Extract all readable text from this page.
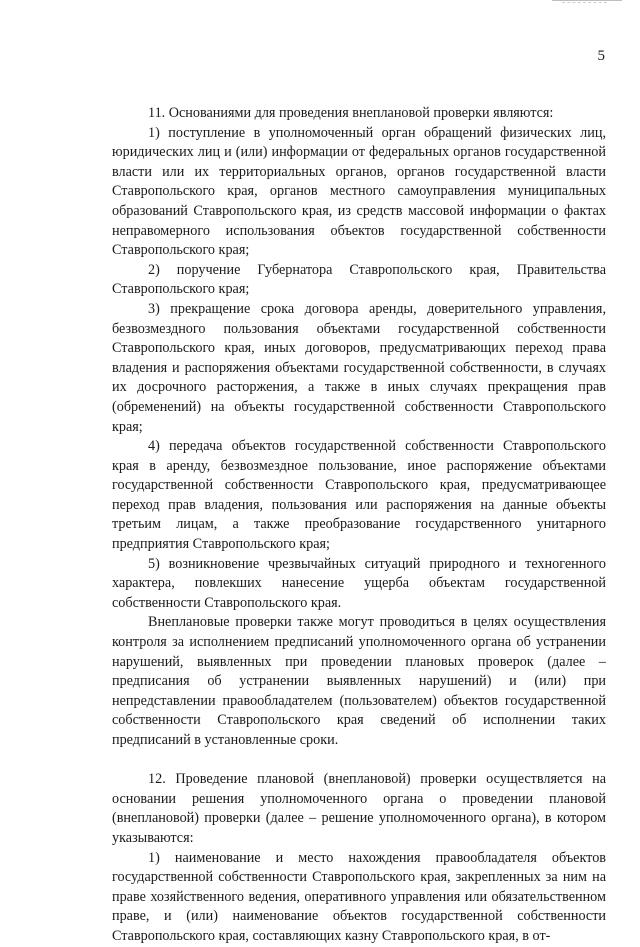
5

11. Основаниями для проведения внеплановой проверки являются:

1) поступление в уполномоченный орган обращений физических лиц, юридических лиц и (или) информации от федеральных органов государственной власти или их территориальных органов, органов государственной власти Ставропольского края, органов местного самоуправления муниципальных образований Ставропольского края, из средств массовой информации о фактах неправомерного использования объектов государственной собственности Ставропольского края;

2) поручение Губернатора Ставропольского края, Правительства Ставропольского края;

3) прекращение срока договора аренды, доверительного управления, безвозмездного пользования объектами государственной собственности Ставропольского края, иных договоров, предусматривающих переход права владения и распоряжения объектами государственной собственности, в случаях их досрочного расторжения, а также в иных случаях прекращения прав (обременений) на объекты государственной собственности Ставропольского края;

4) передача объектов государственной собственности Ставропольского края в аренду, безвозмездное пользование, иное распоряжение объектами государственной собственности Ставропольского края, предусматривающее переход прав владения, пользования или распоряжения на данные объекты третьим лицам, а также преобразование государственного унитарного предприятия Ставропольского края;

5) возникновение чрезвычайных ситуаций природного и техногенного характера, повлекших нанесение ущерба объектам государственной собственности Ставропольского края.

Внеплановые проверки также могут проводиться в целях осуществления контроля за исполнением предписаний уполномоченного органа об устранении нарушений, выявленных при проведении плановых проверок (далее – предписания об устранении выявленных нарушений) и (или) при непредставлении правообладателем (пользователем) объектов государственной собственности Ставропольского края сведений об исполнении таких предписаний в установленные сроки.

12. Проведение плановой (внеплановой) проверки осуществляется на основании решения уполномоченного органа о проведении плановой (внеплановой) проверки (далее – решение уполномоченного органа), в котором указываются:

1) наименование и место нахождения правообладателя объектов государственной собственности Ставропольского края, закрепленных за ним на праве хозяйственного ведения, оперативного управления или обязательственном праве, и (или) наименование объектов государственной собственности Ставропольского края, составляющих казну Ставропольского края, в от-
